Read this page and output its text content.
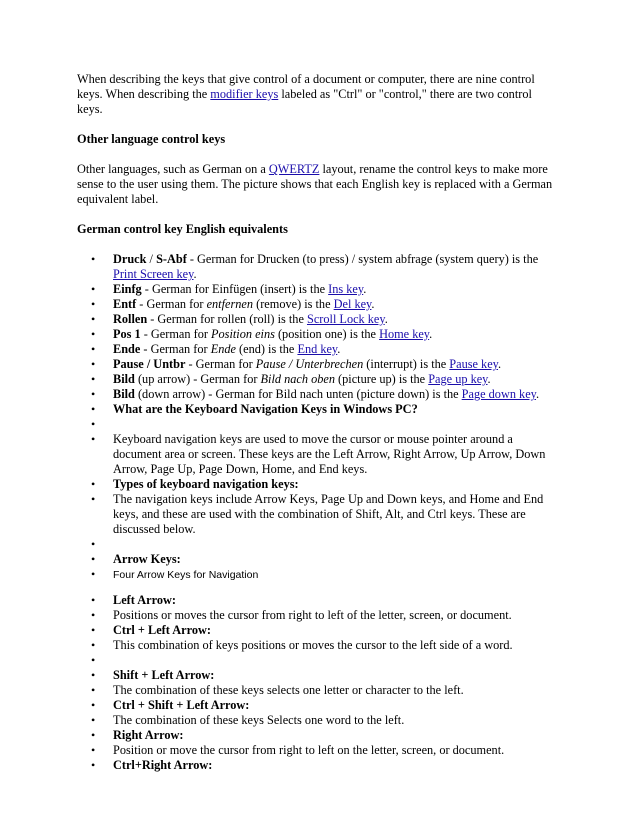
When describing the keys that give control of a document or computer, there are nine control keys. When describing the modifier keys labeled as "Ctrl" or "control," there are two control keys.

Other language control keys

Other languages, such as German on a QWERTZ layout, rename the control keys to make more sense to the user using them. The picture shows that each English key is replaced with a German equivalent label.

German control key English equivalents

• Druck / S-Abf - German for Drucken (to press) / system abfrage (system query) is the Print Screen key.
• Einfg - German for Einfügen (insert) is the Ins key.
• Entf - German for entfernen (remove) is the Del key.
• Rollen - German for rollen (roll) is the Scroll Lock key.
• Pos 1 - German for Position eins (position one) is the Home key.
• Ende - German for Ende (end) is the End key.
• Pause / Untbr - German for Pause / Unterbrechen (interrupt) is the Pause key.
• Bild (up arrow) - German for Bild nach oben (picture up) is the Page up key.
• Bild (down arrow) - German for Bild nach unten (picture down) is the Page down key.
• What are the Keyboard Navigation Keys in Windows PC?
•
• Keyboard navigation keys are used to move the cursor or mouse pointer around a document area or screen. These keys are the Left Arrow, Right Arrow, Up Arrow, Down Arrow, Page Up, Page Down, Home, and End keys.
• Types of keyboard navigation keys:
• The navigation keys include Arrow Keys, Page Up and Down keys, and Home and End keys, and these are used with the combination of Shift, Alt, and Ctrl keys. These are discussed below.
•
• Arrow Keys:
• Four Arrow Keys for Navigation
• Left Arrow:
• Positions or moves the cursor from right to left of the letter, screen, or document.
• Ctrl + Left Arrow:
• This combination of keys positions or moves the cursor to the left side of a word.
•
• Shift + Left Arrow:
• The combination of these keys selects one letter or character to the left.
• Ctrl + Shift + Left Arrow:
• The combination of these keys Selects one word to the left.
• Right Arrow:
• Position or move the cursor from right to left on the letter, screen, or document.
• Ctrl+Right Arrow:
